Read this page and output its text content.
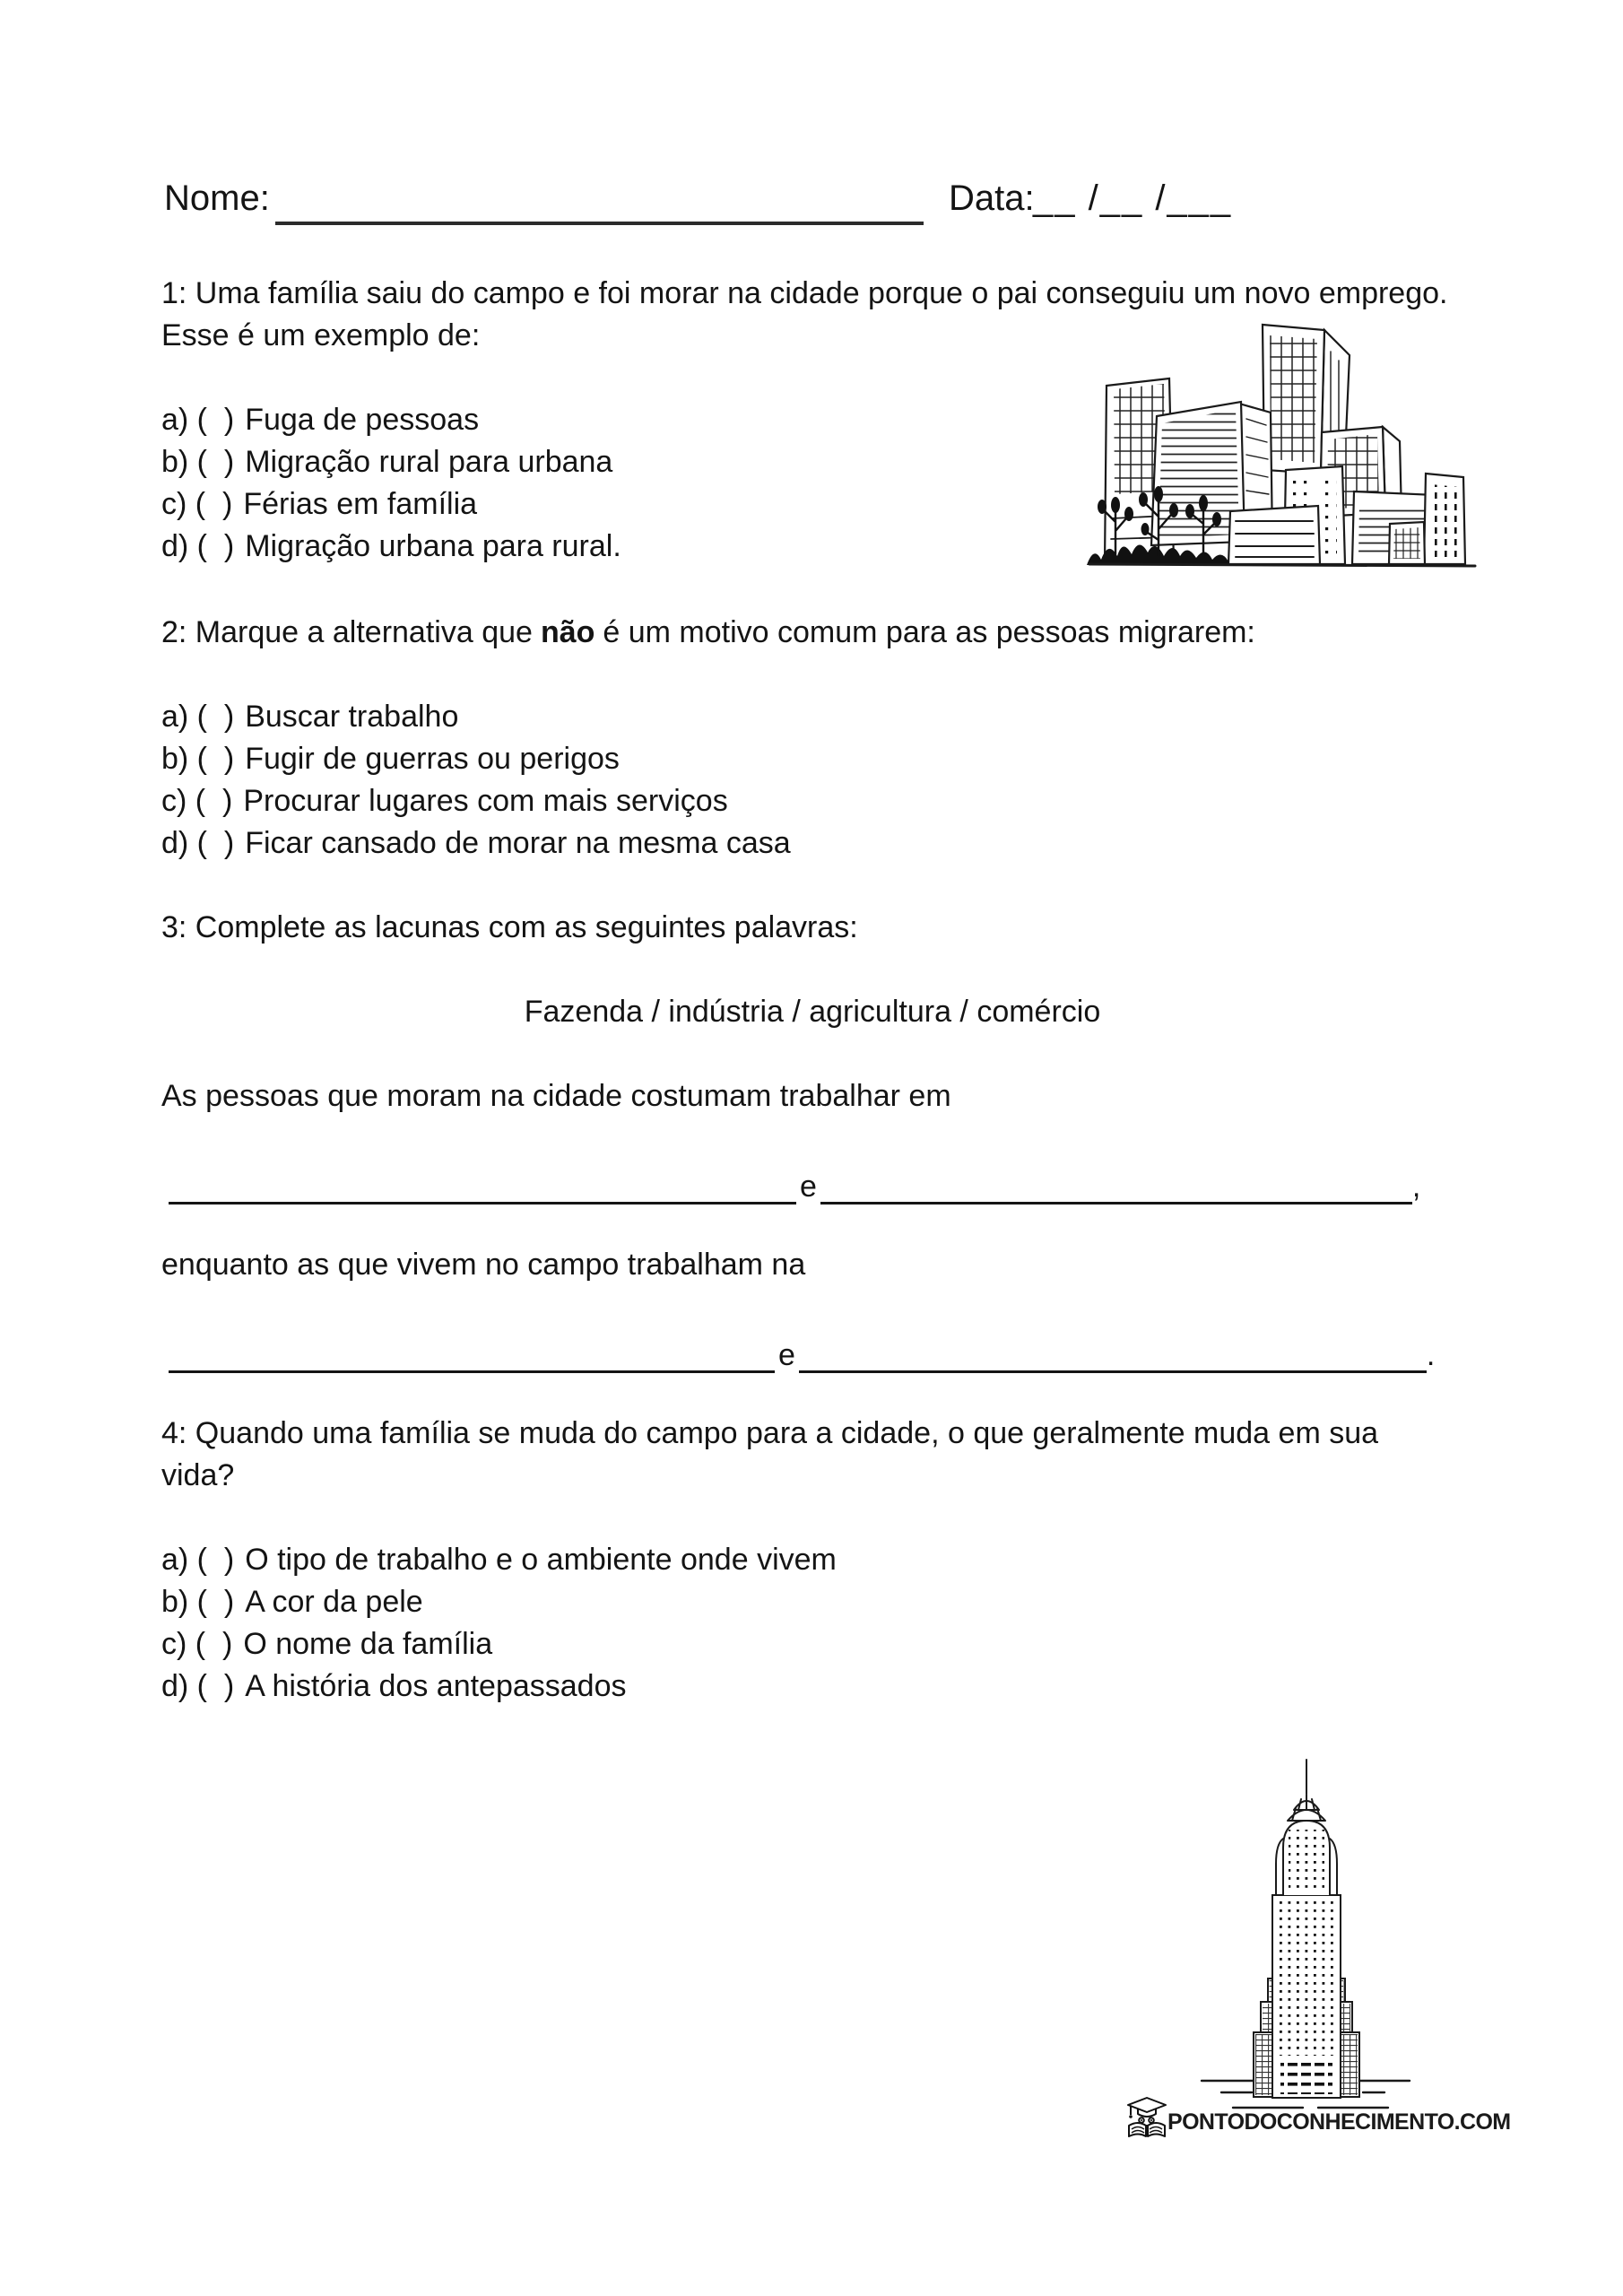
Nome:	Data:
__ /__ /___
1: Uma família saiu do campo e foi morar na cidade porque o pai conseguiu um novo emprego.
Esse é um exemplo de:
a) (  ) Fuga de pessoas
b) (  ) Migração rural para urbana
c) (  ) Férias em família
d) (  ) Migração urbana para rural.
2: Marque a alternativa que não é um motivo comum para as pessoas migrarem:
a) (  ) Buscar trabalho
b) (  ) Fugir de guerras ou perigos
c) (  ) Procurar lugares com mais serviços
d) (  ) Ficar cansado de morar na mesma casa
3: Complete as lacunas com as seguintes palavras:
Fazenda / indústria / agricultura / comércio
As pessoas que moram na cidade costumam trabalhar em
e	,
enquanto as que vivem no campo trabalham na
e	.
4: Quando uma família se muda do campo para a cidade, o que geralmente muda em sua
vida?
a) (  ) O tipo de trabalho e o ambiente onde vivem
b) (  ) A cor da pele
c) (  ) O nome da família
d) (  ) A história dos antepassados
PONTODOCONHECIMENTO.COM
